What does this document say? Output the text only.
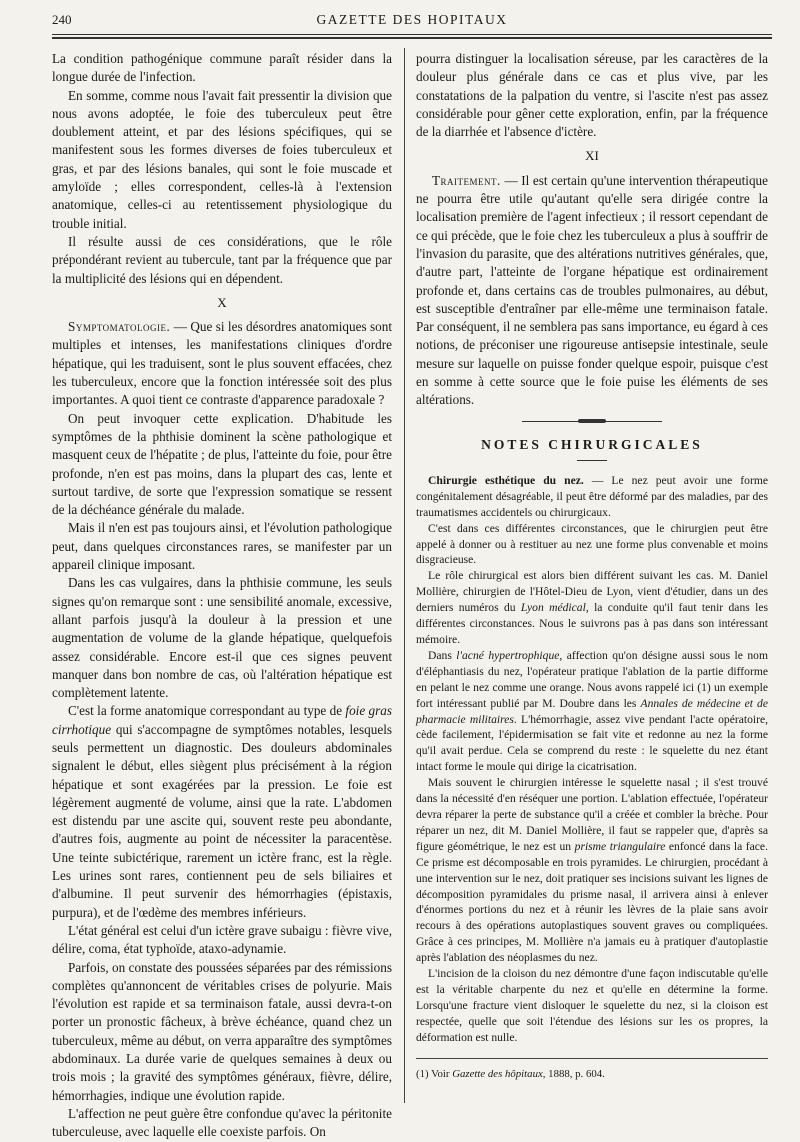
240	GAZETTE DES HOPITAUX

La condition pathogénique commune paraît résider dans la longue durée de l'infection.

En somme, comme nous l'avait fait pressentir la division que nous avons adoptée, le foie des tuberculeux peut être doublement atteint, et par des lésions spécifiques, qui se manifestent sous les formes diverses de foies tuberculeux et gras, et par des lésions banales, qui sont le foie muscade et amyloïde ; elles correspondent, celles-là à l'extension anatomique, celles-ci au retentissement physiologique du trouble initial.

Il résulte aussi de ces considérations, que le rôle prépondérant revient au tubercule, tant par la fréquence que par la multiplicité des lésions qui en dépendent.

X

Symptomatologie. — Que si les désordres anatomiques sont multiples et intenses, les manifestations cliniques d'ordre hépatique, qui les traduisent, sont le plus souvent effacées, chez les tuberculeux, encore que la fonction intéressée soit des plus importantes. A quoi tient ce contraste d'apparence paradoxale ?

On peut invoquer cette explication. D'habitude les symptômes de la phthisie dominent la scène pathologique et masquent ceux de l'hépatite ; de plus, l'atteinte du foie, pour être profonde, n'en est pas moins, dans la plupart des cas, lente et surtout tardive, de sorte que l'expression somatique se ressent de la déchéance générale du malade.

Mais il n'en est pas toujours ainsi, et l'évolution pathologique peut, dans quelques circonstances rares, se manifester par un appareil clinique imposant.

Dans les cas vulgaires, dans la phthisie commune, les seuls signes qu'on remarque sont : une sensibilité anomale, excessive, allant parfois jusqu'à la douleur à la pression et une augmentation de volume de la glande hépatique, quelquefois assez considérable. Encore est-il que ces signes peuvent manquer dans bon nombre de cas, où l'altération hépatique est complètement latente.

C'est la forme anatomique correspondant au type de foie gras cirrhotique qui s'accompagne de symptômes notables, lesquels seuls permettent un diagnostic. Des douleurs abdominales signalent le début, elles siègent plus précisément à la région hépatique et sont exagérées par la pression. Le foie est légèrement augmenté de volume, ainsi que la rate. L'abdomen est distendu par une ascite qui, souvent reste peu abondante, d'autres fois, augmente au point de nécessiter la paracentèse. Une teinte subictérique, rarement un ictère franc, est la règle. Les urines sont rares, contiennent peu de sels biliaires et d'albumine. Il peut survenir des hémorrhagies (épistaxis, purpura), et de l'œdème des membres inférieurs.

L'état général est celui d'un ictère grave subaigu : fièvre vive, délire, coma, état typhoïde, ataxo-adynamie.

Parfois, on constate des poussées séparées par des rémissions complètes qu'annoncent de véritables crises de polyurie. Mais l'évolution est rapide et sa terminaison fatale, aussi devra-t-on porter un pronostic fâcheux, à brève échéance, quand chez un tuberculeux, même au début, on verra apparaître des symptômes abdominaux. La durée varie de quelques semaines à deux ou trois mois ; la gravité des symptômes généraux, fièvre, délire, hémorrhagies, indique une évolution rapide.

L'affection ne peut guère être confondue qu'avec la péritonite tuberculeuse, avec laquelle elle coexiste parfois. On

pourra distinguer la localisation séreuse, par les caractères de la douleur plus générale dans ce cas et plus vive, par les constatations de la palpation du ventre, si l'ascite n'est pas assez considérable pour gêner cette exploration, enfin, par la fréquence de la diarrhée et l'absence d'ictère.

XI

Traitement. — Il est certain qu'une intervention thérapeutique ne pourra être utile qu'autant qu'elle sera dirigée contre la localisation première de l'agent infectieux ; il ressort cependant de ce qui précède, que le foie chez les tuberculeux a plus à souffrir de l'invasion du parasite, que des altérations nutritives générales, que, d'autre part, l'atteinte de l'organe hépatique est ordinairement profonde et, dans certains cas de troubles pulmonaires, au début, est susceptible d'entraîner par elle-même une terminaison fatale. Par conséquent, il ne semblera pas sans importance, eu égard à ces notions, de préconiser une rigoureuse antisepsie intestinale, seule mesure sur laquelle on puisse fonder quelque espoir, puisque c'est en somme à cette source que le foie puise les éléments de ses altérations.

NOTES CHIRURGICALES

Chirurgie esthétique du nez. — Le nez peut avoir une forme congénitalement désagréable, il peut être déformé par des maladies, par des traumatismes accidentels ou chirurgicaux.

C'est dans ces différentes circonstances, que le chirurgien peut être appelé à donner ou à restituer au nez une forme plus convenable et moins disgracieuse.

Le rôle chirurgical est alors bien différent suivant les cas. M. Daniel Mollière, chirurgien de l'Hôtel-Dieu de Lyon, vient d'étudier, dans un des derniers numéros du Lyon médical, la conduite qu'il faut tenir dans les différentes circonstances. Nous le suivrons pas à pas dans son intéressant mémoire.

Dans l'acné hypertrophique, affection qu'on désigne aussi sous le nom d'éléphantiasis du nez, l'opérateur pratique l'ablation de la partie difforme en pelant le nez comme une orange. Nous avons rappelé ici (1) un exemple fort intéressant publié par M. Doubre dans les Annales de médecine et de pharmacie militaires. L'hémorrhagie, assez vive pendant l'acte opératoire, cède facilement, l'épidermisation se fait vite et redonne au nez la forme qu'il avait perdue. Cela se comprend du reste : le squelette du nez étant intact forme le moule qui dirige la cicatrisation.

Mais souvent le chirurgien intéresse le squelette nasal ; il s'est trouvé dans la nécessité d'en réséquer une portion. L'ablation effectuée, l'opérateur devra réparer la perte de substance qu'il a créée et combler la brèche. Pour réparer un nez, dit M. Daniel Mollière, il faut se rappeler que, d'après sa figure géométrique, le nez est un prisme triangulaire enfoncé dans la face. Ce prisme est décomposable en trois pyramides. Le chirurgien, procédant à une intervention sur le nez, doit pratiquer ses incisions suivant les lignes de décomposition pyramidales du prisme nasal, il arrivera ainsi à enlever d'énormes portions du nez et à réunir les lèvres de la plaie sans avoir recours à des opérations autoplastiques souvent graves ou compliquées. Grâce à ces principes, M. Mollière n'a jamais eu à pratiquer d'autoplastie après l'ablation des néoplasmes du nez.

L'incision de la cloison du nez démontre d'une façon indiscutable qu'elle est la véritable charpente du nez et qu'elle en détermine la forme. Lorsqu'une fracture vient disloquer le squelette du nez, si la cloison est respectée, quelle que soit l'étendue des lésions sur les os propres, la déformation est nulle.

(1) Voir Gazette des hôpitaux, 1888, p. 604.
